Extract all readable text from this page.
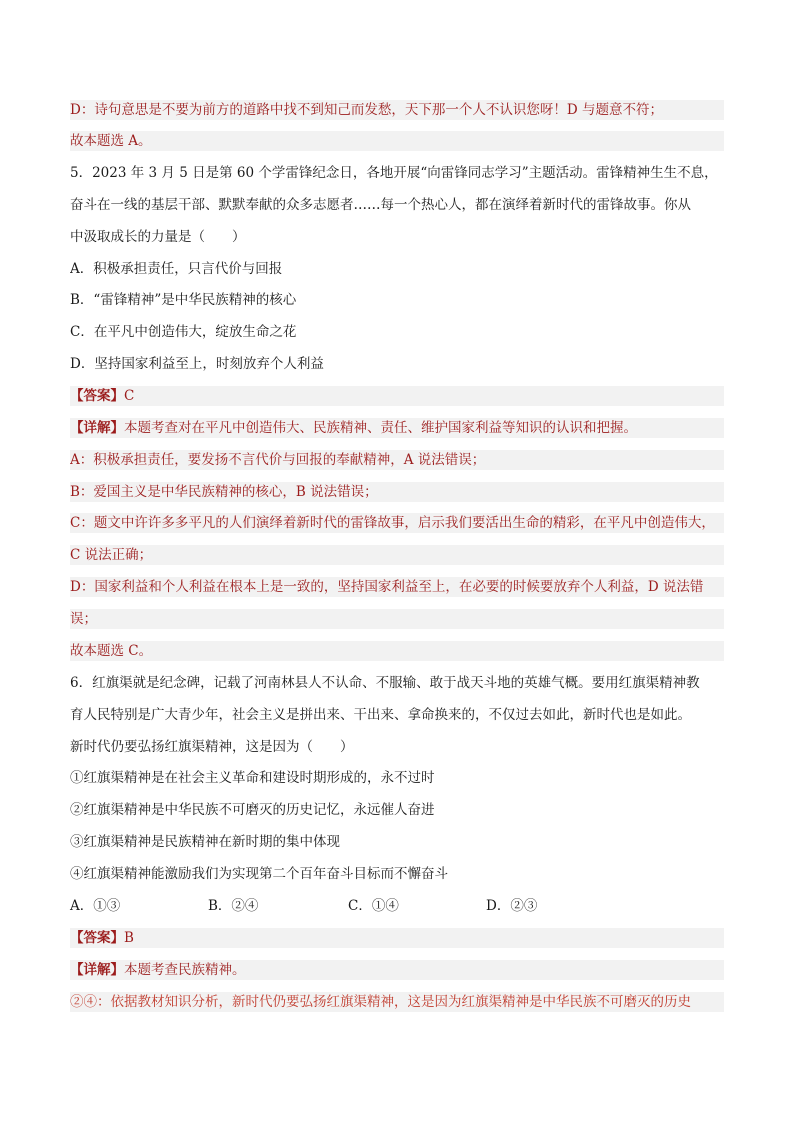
D：诗句意思是不要为前方的道路中找不到知己而发愁，天下那一个人不认识您呀！D 与题意不符；
故本题选 A。
5．2023 年 3 月 5 日是第 60 个学雷锋纪念日，各地开展“向雷锋同志学习”主题活动。雷锋精神生生不息，
奋斗在一线的基层干部、默默奉献的众多志愿者……每一个热心人，都在演绎着新时代的雷锋故事。你从
中汲取成长的力量是（　　）
A．积极承担责任，只言代价与回报
B．“雷锋精神”是中华民族精神的核心
C．在平凡中创造伟大，绽放生命之花
D．坚持国家利益至上，时刻放弃个人利益
【答案】C
【详解】本题考查对在平凡中创造伟大、民族精神、责任、维护国家利益等知识的认识和把握。
A：积极承担责任，要发扬不言代价与回报的奉献精神，A 说法错误；
B：爱国主义是中华民族精神的核心，B 说法错误；
C：题文中许许多多平凡的人们演绎着新时代的雷锋故事，启示我们要活出生命的精彩，在平凡中创造伟大，
C 说法正确；
D：国家利益和个人利益在根本上是一致的，坚持国家利益至上，在必要的时候要放弃个人利益，D 说法错
误；
故本题选 C。
6．红旗渠就是纪念碑，记载了河南林县人不认命、不服输、敢于战天斗地的英雄气概。要用红旗渠精神教
育人民特别是广大青少年，社会主义是拼出来、干出来、拿命换来的，不仅过去如此，新时代也是如此。
新时代仍要弘扬红旗渠精神，这是因为（　　）
①红旗渠精神是在社会主义革命和建设时期形成的，永不过时
②红旗渠精神是中华民族不可磨灭的历史记忆，永远催人奋进
③红旗渠精神是民族精神在新时期的集中体现
④红旗渠精神能激励我们为实现第二个百年奋斗目标而不懈奋斗
A．①③	B．②④	C．①④	D．②③
【答案】B
【详解】本题考查民族精神。
②④：依据教材知识分析，新时代仍要弘扬红旗渠精神，这是因为红旗渠精神是中华民族不可磨灭的历史
